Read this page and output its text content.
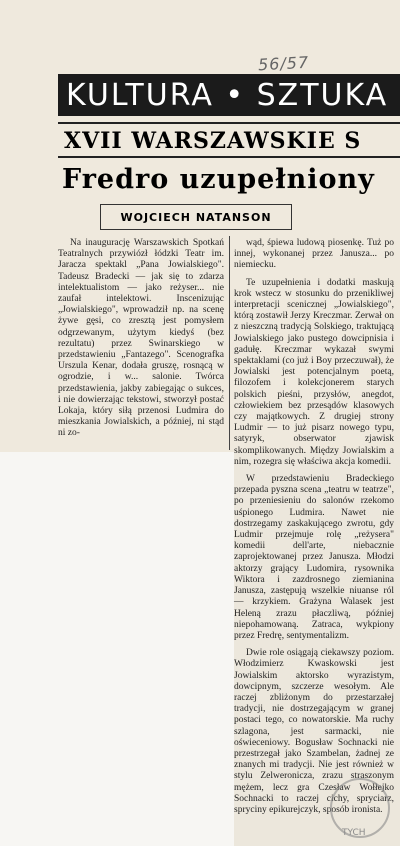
56/57
KULTURA • SZTUKA
XVII WARSZAWSKIE S
Fredro uzupełniony
WOJCIECH NATANSON

Na inaugurację Warszawskich Spotkań Teatralnych przywiózł łódzki Teatr im. Jaracza spektakl „Pana Jowialskiego". Tadeusz Bradecki — jak się to zdarza intelektualistom — jako reżyser... nie zaufał intelektowi. Inscenizując „Jowialskiego", wprowadził np. na scenę żywe gęsi, co zresztą jest pomysłem odgrzewanym, użytym kiedyś (bez rezultatu) przez Swinarskiego w przedstawieniu „Fantazego". Scenografka Urszula Kenar, dodała gruszę, rosnącą w ogrodzie, i w... salonie. Twórca przedstawienia, jakby zabiegając o sukces, i nie dowierzając tekstowi, stworzył postać Lokaja, który siłą przenosi Ludmira do mieszkania Jowialskich, a później, ni stąd ni zo-

wąd, śpiewa ludową piosenkę. Tuż po innej, wykonanej przez Janusza... po niemiecku.

Te uzupełnienia i dodatki maskują krok wstecz w stosunku do przenikliwej interpretacji scenicznej „Jowialskiego", którą zostawił Jerzy Kreczmar. Zerwał on z nieszczną tradycją Solskiego, traktującą Jowialskiego jako pustego dowcipnisia i gadułę. Kreczmar wykazał swymi spektaklami (co już i Boy przeczuwał), że Jowialski jest potencjalnym poetą, filozofem i kolekcjonerem starych polskich pieśni, przysłów, anegdot, człowiekiem bez przesądów klasowych czy majątkowych. Z drugiej strony Ludmir — to już pisarz nowego typu, satyryk, obserwator zjawisk skomplikowanych. Między Jowialskim a nim, rozegra się właściwa akcja komedii.

W przedstawieniu Bradeckiego przepada pyszna scena „teatru w teatrze", po przeniesieniu do salonów rzekomo uśpionego Ludmira. Nawet nie dostrzegamy zaskakującego zwrotu, gdy Ludmir przejmuje rolę „reżysera" komedii dell'arte, niebacznie zaprojektowanej przez Janusza. Młodzi aktorzy grający Ludomira, rysownika Wiktora i zazdrosnego ziemianina Janusza, zastępują wszelkie niuanse ról — krzykiem. Grażyna Walasek jest Heleną zrazu płaczliwą, później niepohamowaną. Zatraca, wykpiony przez Fredrę, sentymentalizm.

Dwie role osiągają ciekawszy poziom. Włodzimierz Kwaskowski jest Jowialskim aktorsko wyrazistym, dowcipnym, szczerze wesołym. Ale raczej zbliżonym do przestarzałej tradycji, nie dostrzegającym w granej postaci tego, co nowatorskie. Ma ruchy szlagona, jest sarmacki, nie oświeceniowy. Bogusław Sochnacki nie przestrzegał jako Szambelan, żadnej ze znanych mi tradycji. Nie jest również w stylu Zelweronicza, zrazu straszonym mężem, lecz gra Czesław Wołłejko Sochnacki to raczej cichy, spryciarz, spryciny epikurejczyk, sposób ironista.

TYCH
